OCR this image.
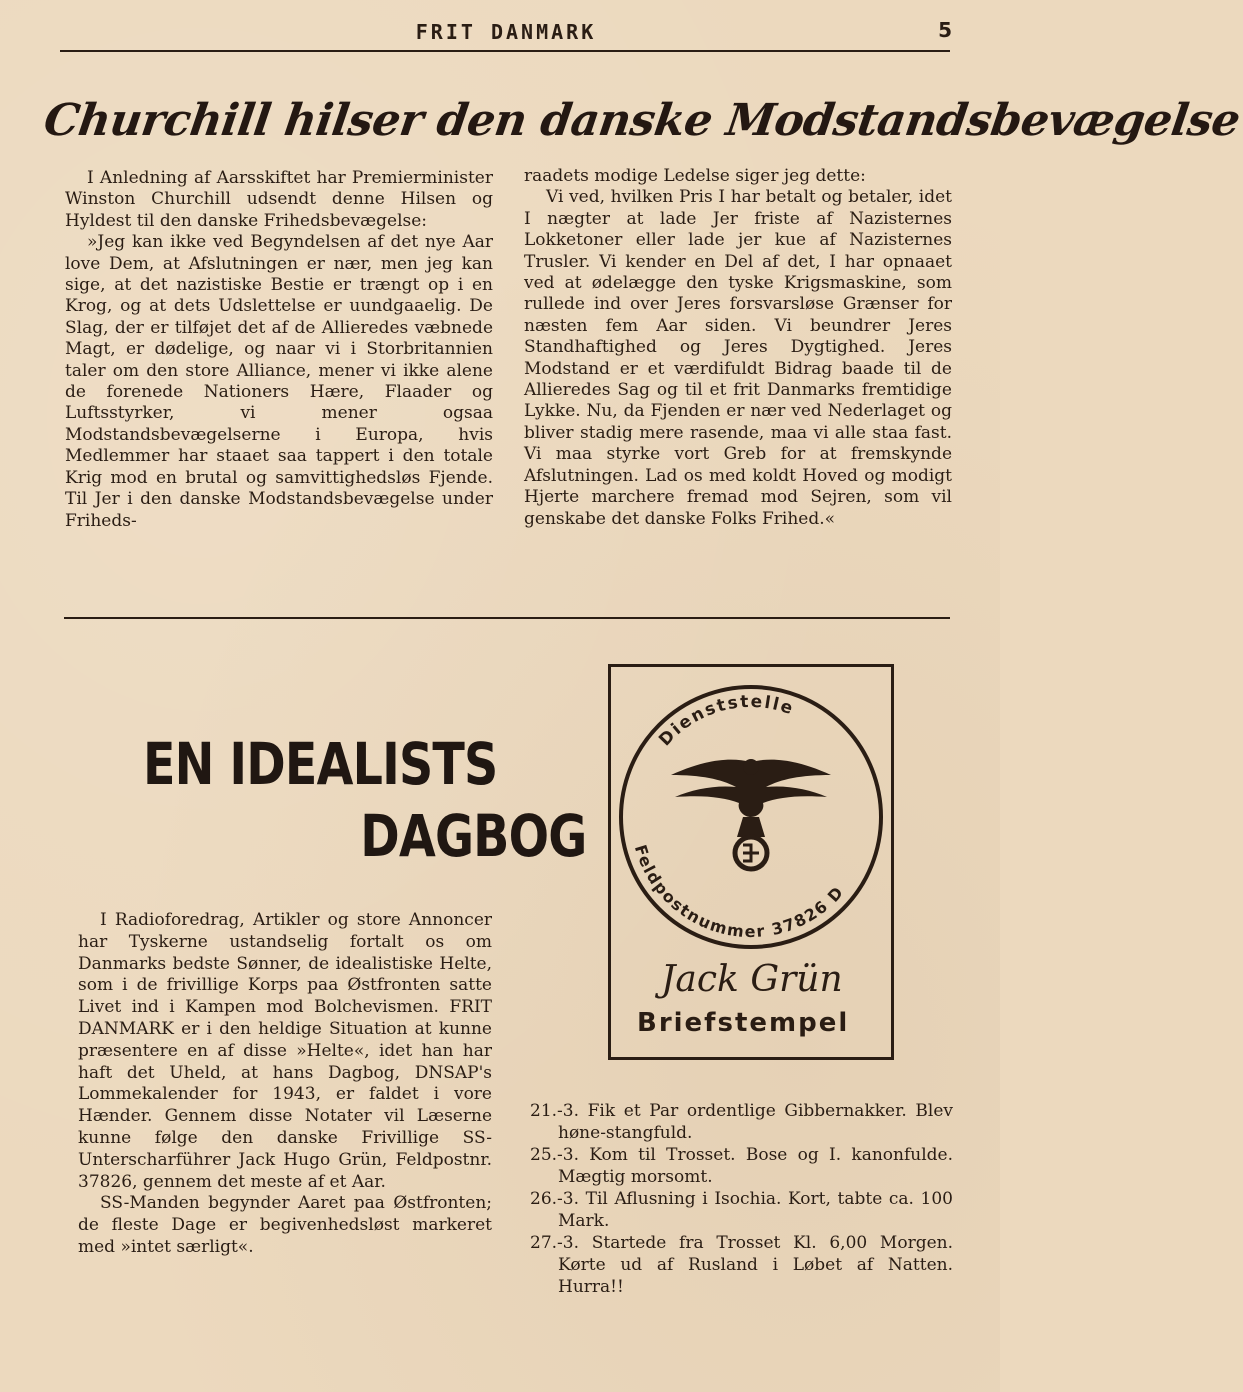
FRIT DANMARK	5
Churchill hilser den danske Modstandsbevægelse

I Anledning af Aarsskiftet har Premierminister Winston Churchill udsendt denne Hilsen og Hyldest til den danske Frihedsbevægelse:

»Jeg kan ikke ved Begyndelsen af det nye Aar love Dem, at Afslutningen er nær, men jeg kan sige, at det nazistiske Bestie er trængt op i en Krog, og at dets Udslettelse er uundgaaelig. De Slag, der er tilføjet det af de Allieredes væbnede Magt, er dødelige, og naar vi i Storbritannien taler om den store Alliance, mener vi ikke alene de forenede Nationers Hære, Flaader og Luftsstyrker, vi mener ogsaa Modstandsbevægelserne i Europa, hvis Medlemmer har staaet saa tappert i den totale Krig mod en brutal og samvittighedsløs Fjende. Til Jer i den danske Modstandsbevægelse under Friheds-

raadets modige Ledelse siger jeg dette:

Vi ved, hvilken Pris I har betalt og betaler, idet I nægter at lade Jer friste af Nazisternes Lokketoner eller lade jer kue af Nazisternes Trusler. Vi kender en Del af det, I har opnaaet ved at ødelægge den tyske Krigsmaskine, som rullede ind over Jeres forsvarsløse Grænser for næsten fem Aar siden. Vi beundrer Jeres Standhaftighed og Jeres Dygtighed. Jeres Modstand er et værdifuldt Bidrag baade til de Allieredes Sag og til et frit Danmarks fremtidige Lykke. Nu, da Fjenden er nær ved Nederlaget og bliver stadig mere rasende, maa vi alle staa fast. Vi maa styrke vort Greb for at fremskynde Afslutningen. Lad os med koldt Hoved og modigt Hjerte marchere fremad mod Sejren, som vil genskabe det danske Folks Frihed.«

EN IDEALISTS
DAGBOG

I Radioforedrag, Artikler og store Annoncer har Tyskerne ustandselig fortalt os om Danmarks bedste Sønner, de idealistiske Helte, som i de frivillige Korps paa Østfronten satte Livet ind i Kampen mod Bolchevismen. FRIT DANMARK er i den heldige Situation at kunne præsentere en af disse »Helte«, idet han har haft det Uheld, at hans Dagbog, DNSAP's Lommekalender for 1943, er faldet i vore Hænder. Gennem disse Notater vil Læserne kunne følge den danske Frivillige SS-Unterscharführer Jack Hugo Grün, Feldpostnr. 37826, gennem det meste af et Aar.

SS-Manden begynder Aaret paa Østfronten; de fleste Dage er begivenhedsløst markeret med »intet særligt«.

Dienststelle
Feldpostnummer 37826 D
Jack Grün
Briefstempel

21.-3. Fik et Par ordentlige Gibbernakker. Blev høne-stangfuld.

25.-3. Kom til Trosset. Bose og I. kanonfulde. Mægtig morsomt.

26.-3. Til Aflusning i Isochia. Kort, tabte ca. 100 Mark.

27.-3. Startede fra Trosset Kl. 6,00 Morgen. Kørte ud af Rusland i Løbet af Natten. Hurra!!
